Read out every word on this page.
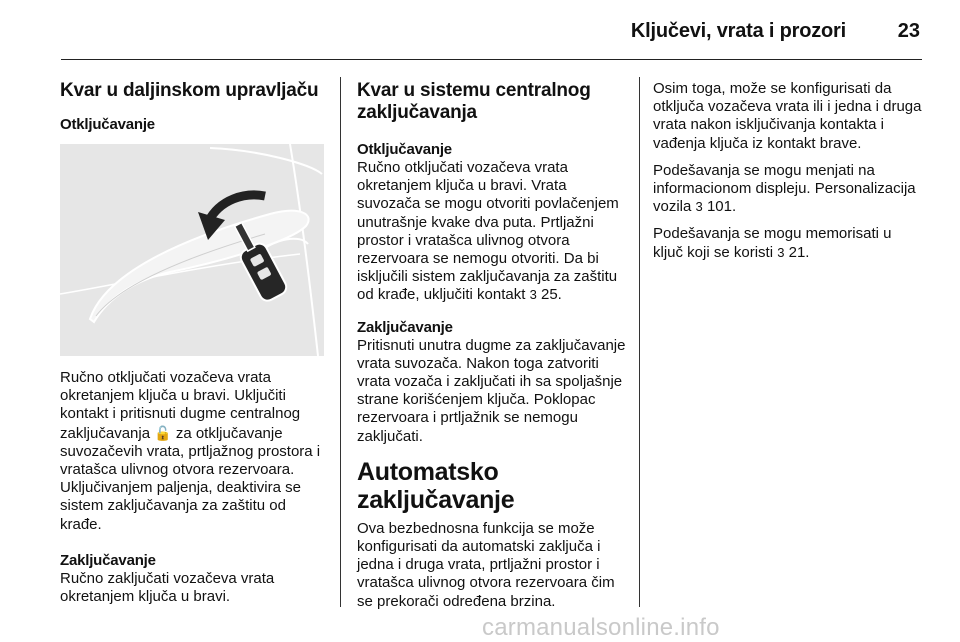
Ključevi, vrata i prozori	23
Kvar u daljinskom upravljaču
Otključavanje

Ručno otključati vozačeva vrata okretanjem ključa u bravi. Uključiti kontakt i pritisnuti dugme centralnog zaključavanja 🔓 za otključavanje suvozačevih vrata, prtljažnog prostora i vratašca ulivnog otvora rezervoara. Uključivanjem paljenja, deaktivira se sistem zaključavanja za zaštitu od krađe.

Zaključavanje

Ručno zaključati vozačeva vrata okretanjem ključa u bravi.

Kvar u sistemu centralnog zaključavanja
Otključavanje

Ručno otključati vozačeva vrata okretanjem ključa u bravi. Vrata suvozača se mogu otvoriti povlačenjem unutrašnje kvake dva puta. Prtljažni prostor i vratašca ulivnog otvora rezervoara se nemogu otvoriti. Da bi isključili sistem zaključavanja za zaštitu od krađe, uključiti kontakt 3 25.

Zaključavanje

Pritisnuti unutra dugme za zaključavanje vrata suvozača. Nakon toga zatvoriti vrata vozača i zaključati ih sa spoljašnje strane korišćenjem ključa. Poklopac rezervoara i prtljažnik se nemogu zaključati.

Automatsko zaključavanje

Ova bezbednosna funkcija se može konfigurisati da automatski zaključa i jedna i druga vrata, prtljažni prostor i vratašca ulivnog otvora rezervoara čim se prekorači određena brzina.

Osim toga, može se konfigurisati da otključa vozačeva vrata ili i jedna i druga vrata nakon isključivanja kontakta i vađenja ključa iz kontakt brave.

Podešavanja se mogu menjati na informacionom displeju. Personalizacija vozila 3 101.

Podešavanja se mogu memorisati u ključ koji se koristi 3 21.

carmanualsonline.info
